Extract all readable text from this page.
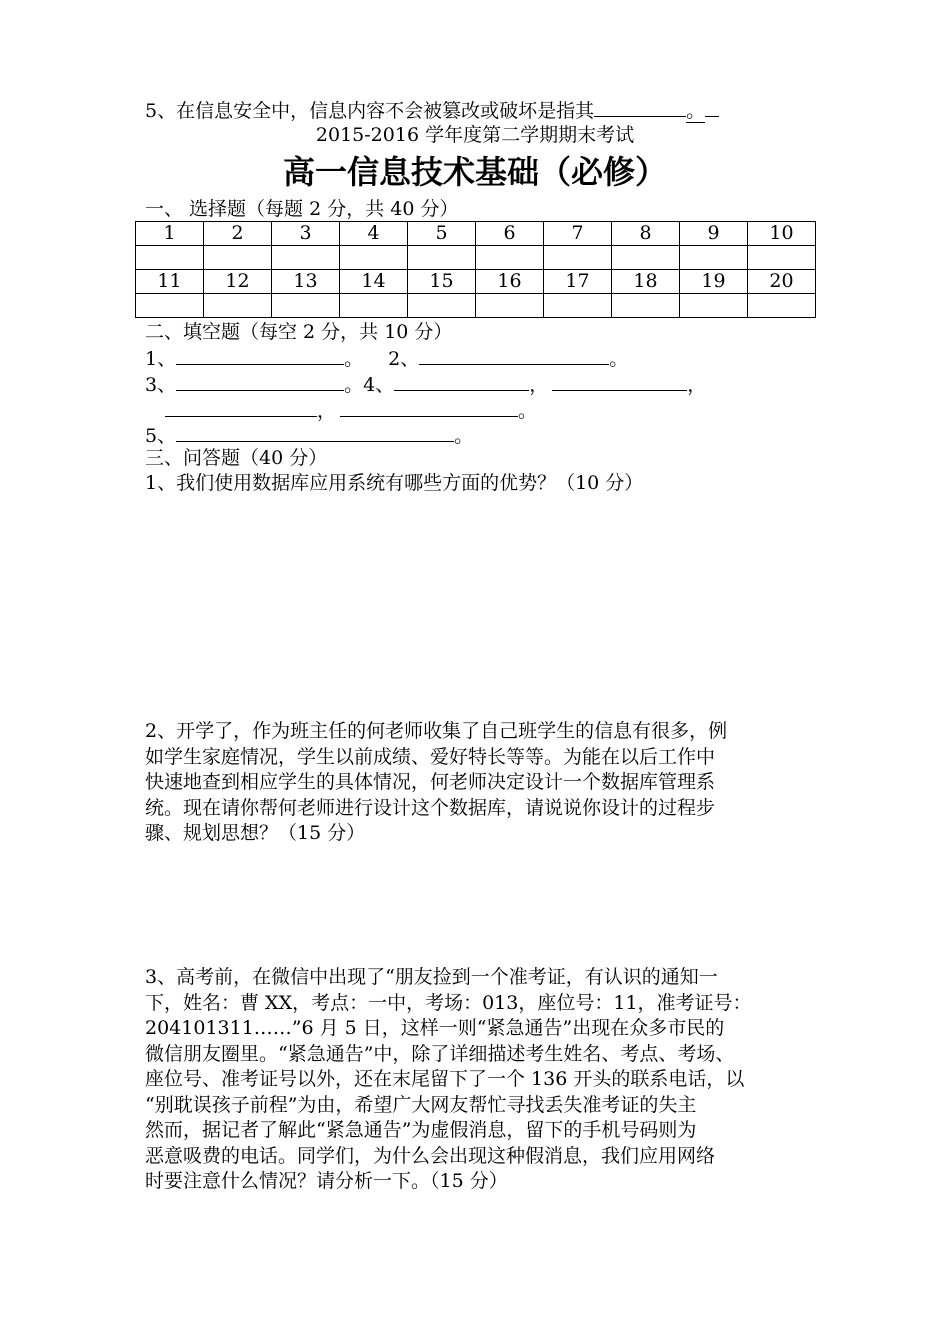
5、在信息安全中，信息内容不会被篡改或破坏是指其	。
2015-2016 学年度第二学期期末考试
高一信息技术基础（必修）
一、 选择题（每题 2 分，共 40 分）
1	2	3	4	5	6	7	8	9	10

11	12	13	14	15	16	17	18	19	20

二、填空题（每空 2 分，共 10 分）
1、	。 2、	。
3、	。4、	，	，
，	。
5、	。
三、问答题（40 分）
1、我们使用数据库应用系统有哪些方面的优势？（10 分）
2、开学了，作为班主任的何老师收集了自己班学生的信息有很多，例
如学生家庭情况，学生以前成绩、爱好特长等等。为能在以后工作中
快速地查到相应学生的具体情况，何老师决定设计一个数据库管理系
统。现在请你帮何老师进行设计这个数据库，请说说你设计的过程步
骤、规划思想？（15 分）
3、高考前，在微信中出现了“朋友捡到一个准考证，有认识的通知一
下，姓名：曹 XX，考点：一中，考场：013，座位号：11，准考证号：
204101311……”6 月 5 日，这样一则“紧急通告”出现在众多市民的
微信朋友圈里。“紧急通告”中，除了详细描述考生姓名、考点、考场、
座位号、准考证号以外，还在末尾留下了一个 136 开头的联系电话，以
“别耽误孩子前程”为由，希望广大网友帮忙寻找丢失准考证的失主
然而，据记者了解此“紧急通告”为虚假消息，留下的手机号码则为
恶意吸费的电话。同学们，为什么会出现这种假消息，我们应用网络
时要注意什么情况？请分析一下。（15 分）
